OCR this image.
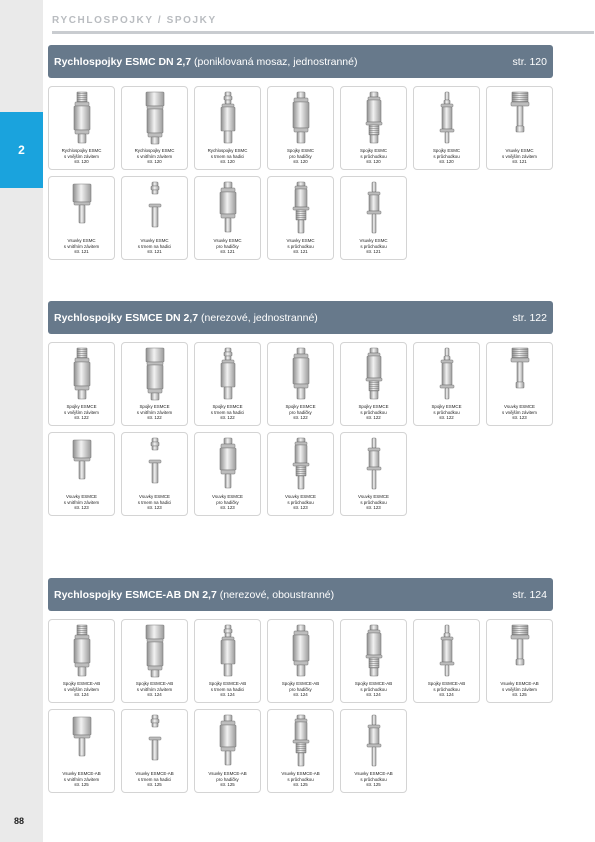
2
88
RYCHLOSPOJKY / SPOJKY
Rychlospojky ESMC DN 2,7 (poniklovaná mosaz, jednostranné)	str. 120
Rychlospojky ESMC
s vnějším závitem
str. 120
Rychlospojky ESMC
s vnitřním závitem
str. 120
Rychlospojky ESMC
s trnem na hadici
str. 120
Spojky ESMC
pro hadičky
str. 120
Spojky ESMC
s průchodkou
str. 120
Spojky ESMC
s průchodkou
str. 120
Vsuvky ESMC
s vnějším závitem
str. 121
Vsuvky ESMC
s vnitřním závitem
str. 121
Vsuvky ESMC
s trnem na hadici
str. 121
Vsuvky ESMC
pro hadičky
str. 121
Vsuvky ESMC
s průchodkou
str. 121
Vsuvky ESMC
s průchodkou
str. 121
Rychlospojky ESMCE DN 2,7 (nerezové, jednostranné)	str. 122
Spojky ESMCE
s vnějším závitem
str. 122
Spojky ESMCE
s vnitřním závitem
str. 122
Spojky ESMCE
s trnem na hadici
str. 122
Spojky ESMCE
pro hadičky
str. 122
Spojky ESMCE
s průchodkou
str. 122
Spojky ESMCE
s průchodkou
str. 122
Vsuvky ESMCE
s vnějším závitem
str. 123
Vsuvky ESMCE
s vnitřním závitem
str. 123
Vsuvky ESMCE
s trnem na hadici
str. 123
Vsuvky ESMCE
pro hadičky
str. 123
Vsuvky ESMCE
s průchodkou
str. 123
Vsuvky ESMCE
s průchodkou
str. 123
Rychlospojky ESMCE-AB DN 2,7 (nerezové, oboustranné)	str. 124
Spojky ESMCE-AB
s vnějším závitem
str. 124
Spojky ESMCE-AB
s vnitřním závitem
str. 124
Spojky ESMCE-AB
s trnem na hadici
str. 124
Spojky ESMCE-AB
pro hadičky
str. 124
Spojky ESMCE-AB
s průchodkou
str. 124
Spojky ESMCE-AB
s průchodkou
str. 124
Vsuvky ESMCE-AB
s vnějším závitem
str. 125
Vsuvky ESMCE-AB
s vnitřním závitem
str. 125
Vsuvky ESMCE-AB
s trnem na hadici
str. 125
Vsuvky ESMCE-AB
pro hadičky
str. 125
Vsuvky ESMCE-AB
s průchodkou
str. 125
Vsuvky ESMCE-AB
s průchodkou
str. 125
